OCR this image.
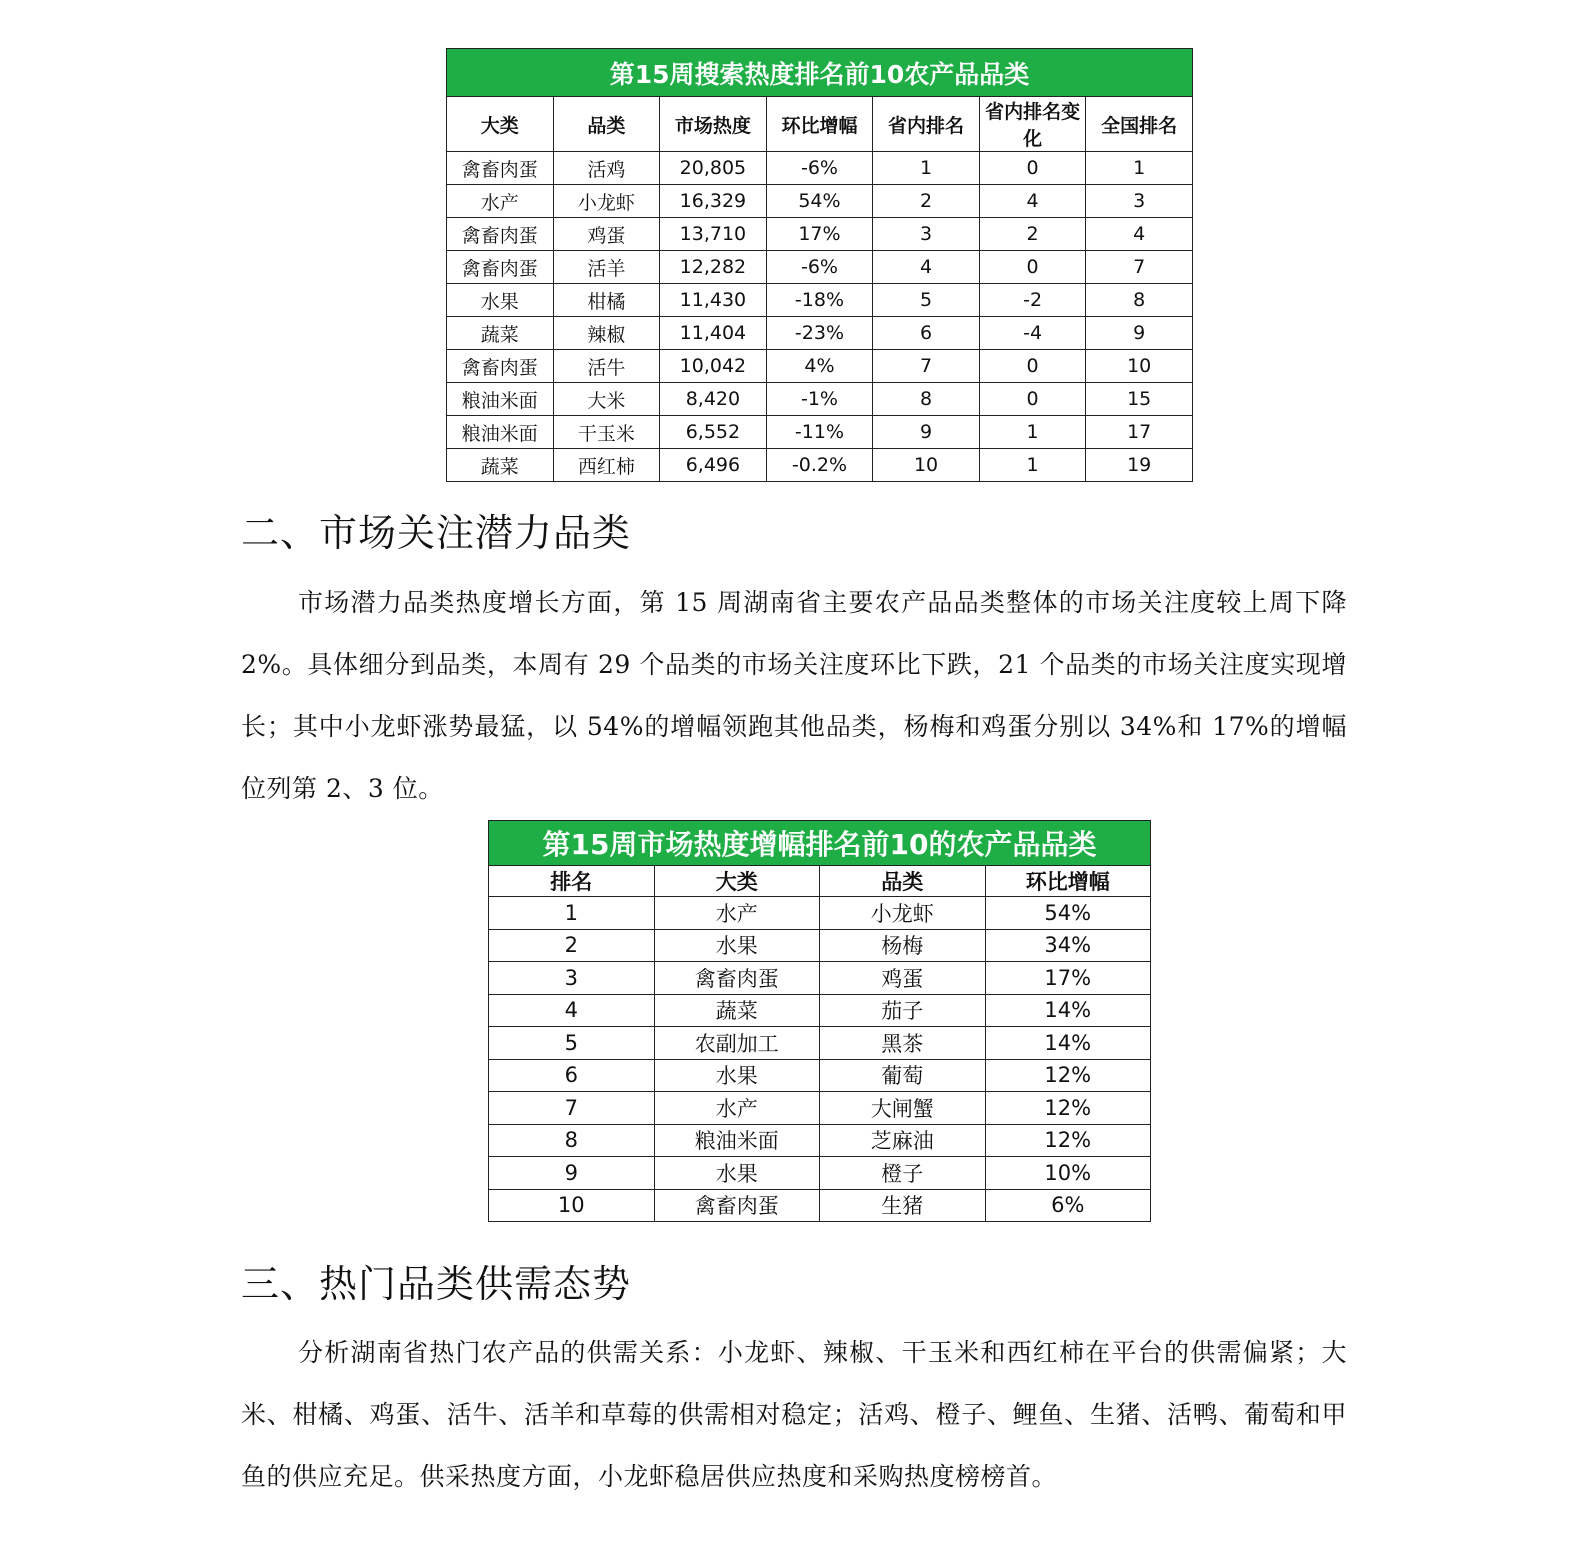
第15周搜索热度排名前10农产品品类						
大类	品类	市场热度	环比增幅	省内排名	省内排名变化	全国排名
禽畜肉蛋	活鸡	20,805	-6%	1	0	1
水产	小龙虾	16,329	54%	2	4	3
禽畜肉蛋	鸡蛋	13,710	17%	3	2	4
禽畜肉蛋	活羊	12,282	-6%	4	0	7
水果	柑橘	11,430	-18%	5	-2	8
蔬菜	辣椒	11,404	-23%	6	-4	9
禽畜肉蛋	活牛	10,042	4%	7	0	10
粮油米面	大米	8,420	-1%	8	0	15
粮油米面	干玉米	6,552	-11%	9	1	17
蔬菜	西红柿	6,496	-0.2%	10	1	19
二、市场关注潜力品类

市场潜力品类热度增长方面，第 15 周湖南省主要农产品品类整体的市场关注度较上周下降 2%。具体细分到品类，本周有 29 个品类的市场关注度环比下跌，21 个品类的市场关注度实现增长；其中小龙虾涨势最猛，以 54%的增幅领跑其他品类，杨梅和鸡蛋分别以 34%和 17%的增幅位列第 2、3 位。

第15周市场热度增幅排名前10的农产品品类			
排名	大类	品类	环比增幅
1	水产	小龙虾	54%
2	水果	杨梅	34%
3	禽畜肉蛋	鸡蛋	17%
4	蔬菜	茄子	14%
5	农副加工	黑茶	14%
6	水果	葡萄	12%
7	水产	大闸蟹	12%
8	粮油米面	芝麻油	12%
9	水果	橙子	10%
10	禽畜肉蛋	生猪	6%
三、热门品类供需态势

分析湖南省热门农产品的供需关系：小龙虾、辣椒、干玉米和西红柿在平台的供需偏紧；大米、柑橘、鸡蛋、活牛、活羊和草莓的供需相对稳定；活鸡、橙子、鲤鱼、生猪、活鸭、葡萄和甲鱼的供应充足。供采热度方面，小龙虾稳居供应热度和采购热度榜榜首。
